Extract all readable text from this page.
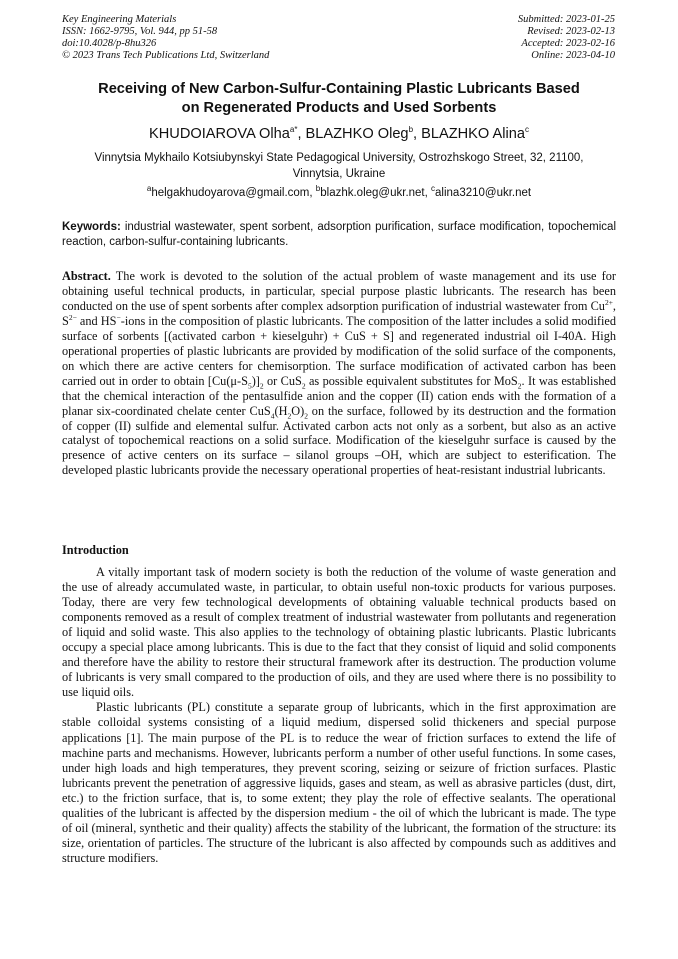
Key Engineering Materials
ISSN: 1662-9795, Vol. 944, pp 51-58
doi:10.4028/p-8hu326
© 2023 Trans Tech Publications Ltd, Switzerland
Submitted: 2023-01-25
Revised: 2023-02-13
Accepted: 2023-02-16
Online: 2023-04-10
Receiving of New Carbon-Sulfur-Containing Plastic Lubricants Based
on Regenerated Products and Used Sorbents
KHUDOIAROVA Olha$^{a*}$, BLAZHKO Oleg$^b$, BLAZHKO Alina$^c$
Vinnytsia Mykhailo Kotsiubynskyi State Pedagogical University, Ostrozhskogo Street, 32, 21100,
Vinnytsia, Ukraine
$^a$helgakhudoyarova@gmail.com, $^b$blazhk.oleg@ukr.net, $^c$alina3210@ukr.net
Keywords: industrial wastewater, spent sorbent, adsorption purification, surface modification, topochemical reaction, carbon-sulfur-containing lubricants.
Abstract. The work is devoted to the solution of the actual problem of waste management and its use for obtaining useful technical products, in particular, special purpose plastic lubricants. The research has been conducted on the use of spent sorbents after complex adsorption purification of industrial wastewater from $Cu^{2+}$, $S^{2-}$ and HS−-ions in the composition of plastic lubricants. The composition of the latter includes a solid modified surface of sorbents [(activated carbon + kieselguhr) + CuS + S] and regenerated industrial oil I-40A. High operational properties of plastic lubricants are provided by modification of the solid surface of the components, on which there are active centers for chemisorption. The surface modification of activated carbon has been carried out in order to obtain $[Cu(\mu-S_5)]_2$ or CuS$_2$ as possible equivalent substitutes for MoS$_2$. It was established that the chemical interaction of the pentasulfide anion and the copper (II) cation ends with the formation of a planar six-coordinated chelate center $CuS_4(H_2O)_2$ on the surface, followed by its destruction and the formation of copper (II) sulfide and elemental sulfur. Activated carbon acts not only as a sorbent, but also as an active catalyst of topochemical reactions on a solid surface. Modification of the kieselguhr surface is caused by the presence of active centers on its surface – silanol groups –OH, which are subject to esterification. The developed plastic lubricants provide the necessary operational properties of heat-resistant industrial lubricants.
Introduction

A vitally important task of modern society is both the reduction of the volume of waste generation and the use of already accumulated waste, in particular, to obtain useful non-toxic products for various purposes. Today, there are very few technological developments of obtaining valuable technical products based on components removed as a result of complex treatment of industrial wastewater from pollutants and regeneration of liquid and solid waste. This also applies to the technology of obtaining plastic lubricants. Plastic lubricants occupy a special place among lubricants. This is due to the fact that they consist of liquid and solid components and therefore have the ability to restore their structural framework after its destruction. The production volume of lubricants is very small compared to the production of oils, and they are used where there is no possibility to use liquid oils.

Plastic lubricants (PL) constitute a separate group of lubricants, which in the first approximation are stable colloidal systems consisting of a liquid medium, dispersed solid thickeners and special purpose applications [1]. The main purpose of the PL is to reduce the wear of friction surfaces to extend the life of machine parts and mechanisms. However, lubricants perform a number of other useful functions. In some cases, under high loads and high temperatures, they prevent scoring, seizing or seizure of friction surfaces. Plastic lubricants prevent the penetration of aggressive liquids, gases and steam, as well as abrasive particles (dust, dirt, etc.) to the friction surface, that is, to some extent; they play the role of effective sealants. The operational qualities of the lubricant is affected by the dispersion medium - the oil of which the lubricant is made. The type of oil (mineral, synthetic and their quality) affects the stability of the lubricant, the formation of the structure: its size, orientation of particles. The structure of the lubricant is also affected by compounds such as additives and structure modifiers.
